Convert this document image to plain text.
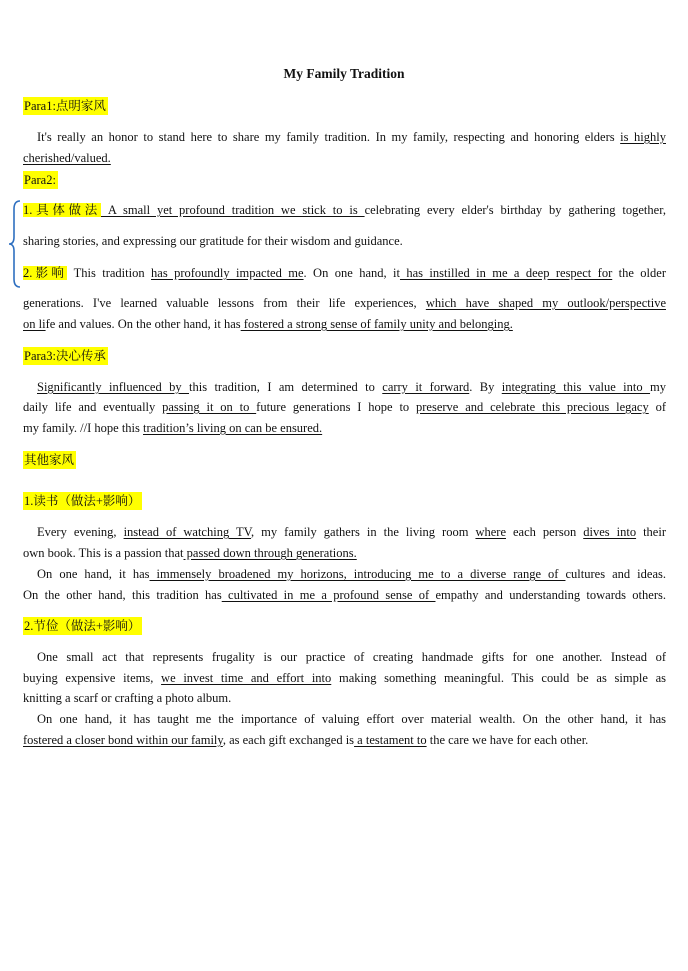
My Family Tradition
Para1:点明家风
It's really an honor to stand here to share my family tradition. In my family, respecting and honoring elders is highly cherished/valued.
Para2:
1.具体做法 A small yet profound tradition we stick to is celebrating every elder's birthday by gathering together,
sharing stories, and expressing our gratitude for their wisdom and guidance.
2.影响 This tradition has profoundly impacted me. On one hand, it has instilled in me a deep respect for the older
generations. I've learned valuable lessons from their life experiences, which have shaped my outlook/perspective
on life and values. On the other hand, it has fostered a strong sense of family unity and belonging.
Para3:决心传承
Significantly influenced by this tradition, I am determined to carry it forward. By integrating this value into my
daily life and eventually passing it on to future generations I hope to preserve and celebrate this precious legacy of
my family. //I hope this tradition’s living on can be ensured.
其他家风
1.读书（做法+影响）
Every evening, instead of watching TV, my family gathers in the living room where each person dives into their
own book. This is a passion that passed down through generations.
On one hand, it has immensely broadened my horizons, introducing me to a diverse range of cultures and ideas.
On the other hand, this tradition has cultivated in me a profound sense of empathy and understanding towards others.
2.节俭（做法+影响）
One small act that represents frugality is our practice of creating handmade gifts for one another. Instead of
buying expensive items, we invest time and effort into making something meaningful. This could be as simple as
knitting a scarf or crafting a photo album.
On one hand, it has taught me the importance of valuing effort over material wealth. On the other hand, it has
fostered a closer bond within our family, as each gift exchanged is a testament to the care we have for each other.
